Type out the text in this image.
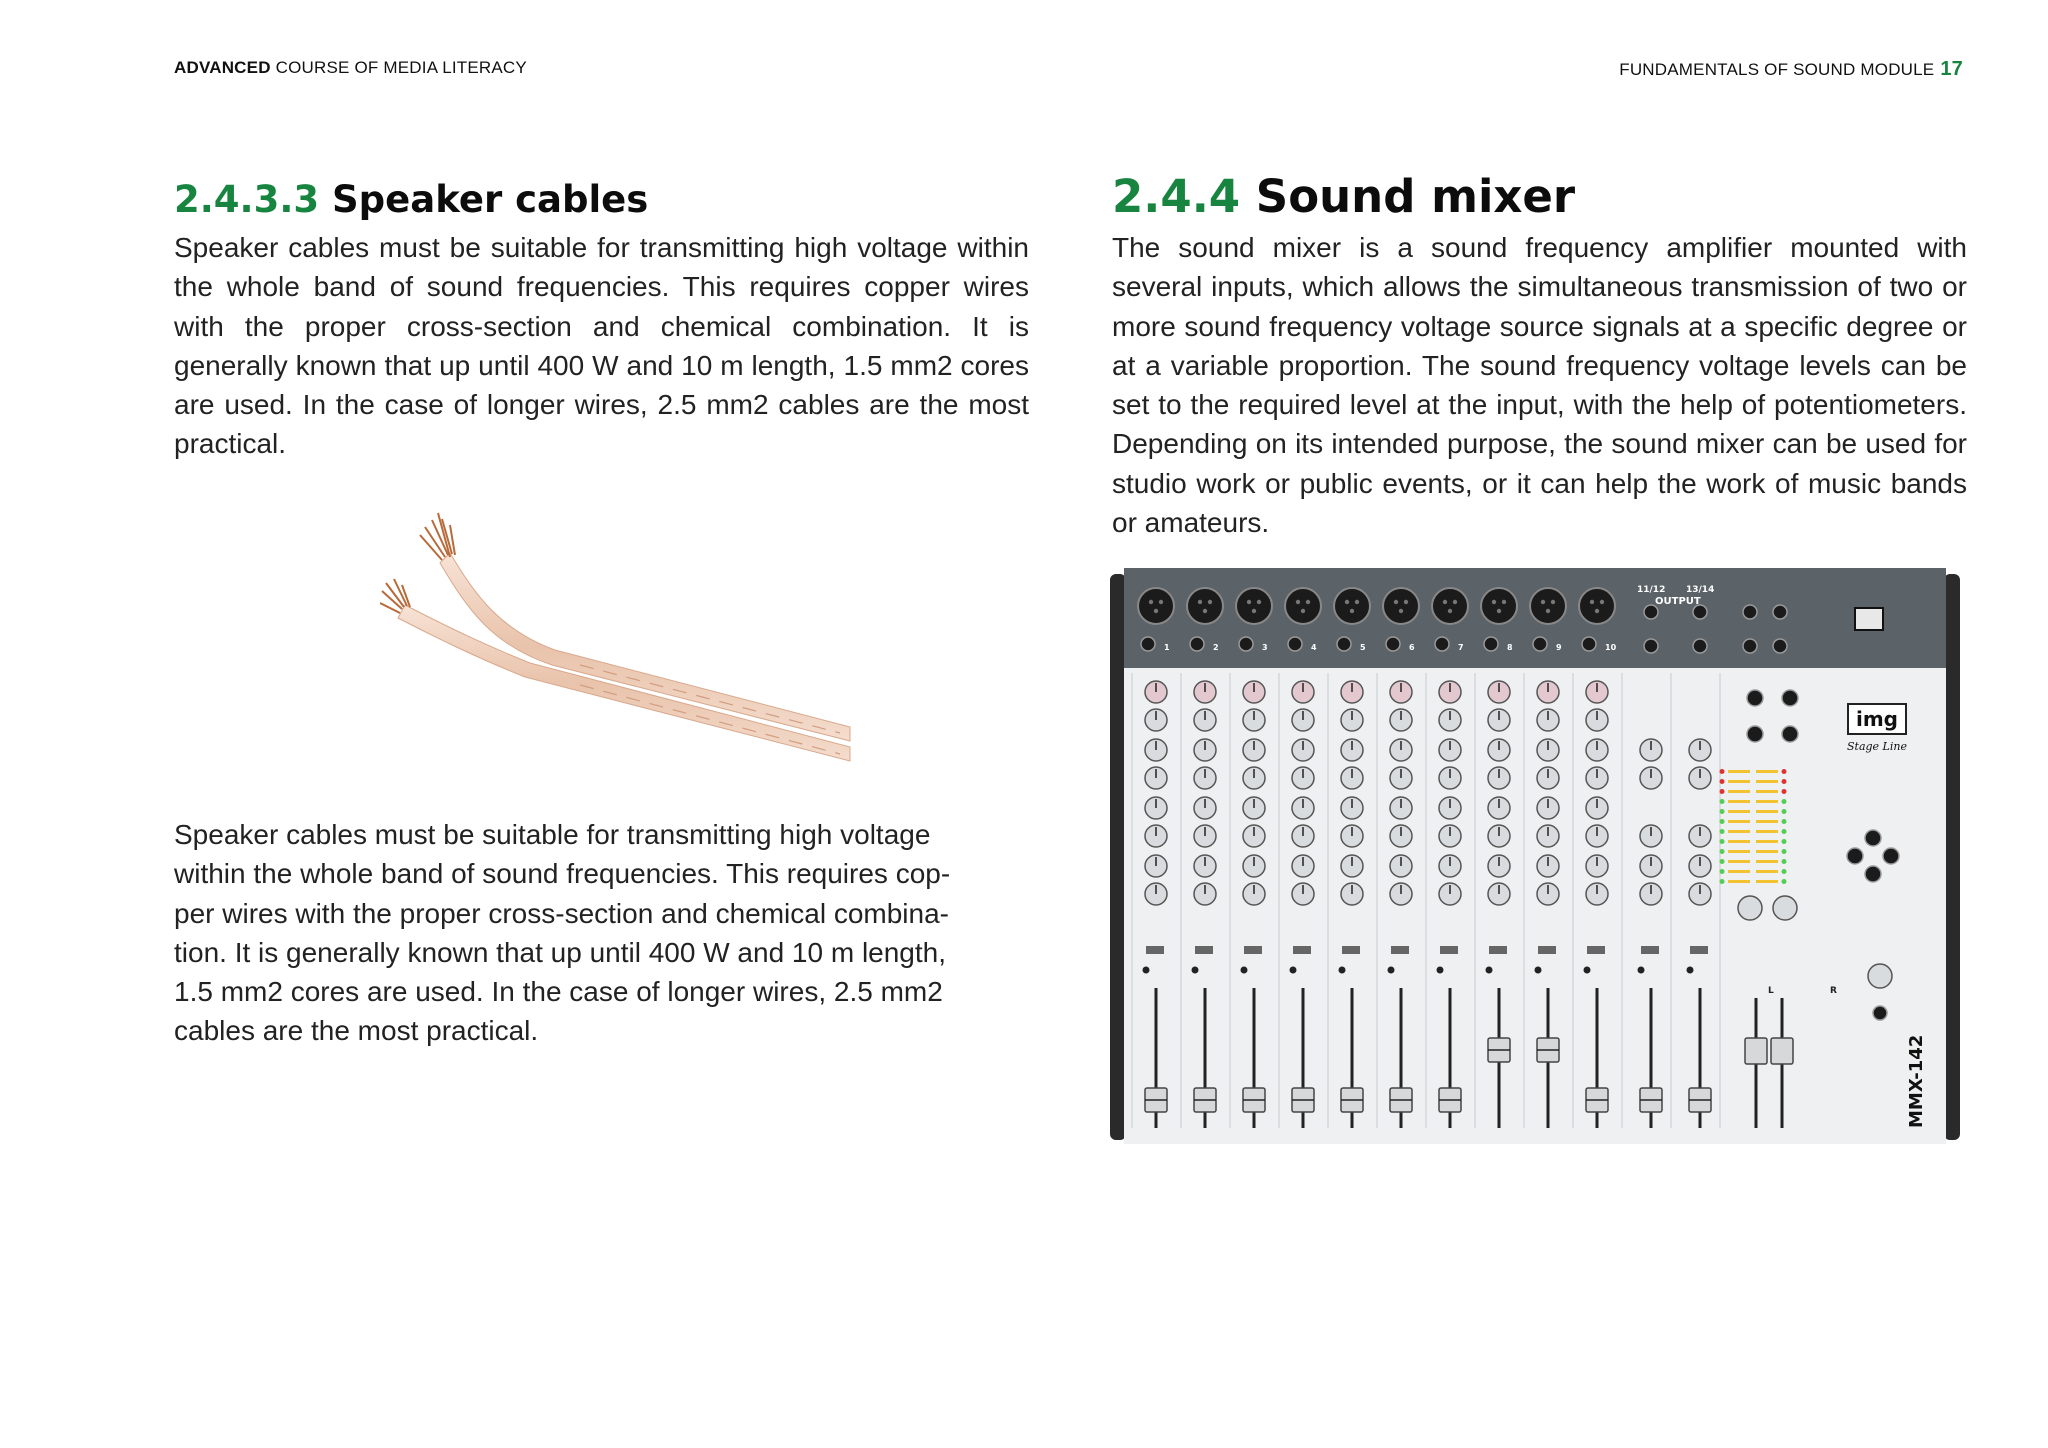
ADVANCED COURSE OF MEDIA LITERACY	FUNDAMENTALS OF SOUND MODULE 17
2.4.3.3 Speaker cables

Speaker cables must be suitable for transmitting high voltage within the whole band of sound frequencies. This requires copper wires with the proper cross-section and chemical combination. It is generally known that up until 400 W and 10 m length, 1.5 mm2 cores are used. In the case of longer wires, 2.5 mm2 cables are the most practical.

Speaker cables must be suitable for transmitting high voltage
within the whole band of sound frequencies. This requires cop-
per wires with the proper cross-section and chemical combina-
tion. It is generally known that up until 400 W and 10 m length,
1.5 mm2 cores are used. In the case of longer wires, 2.5 mm2
cables are the most practical.

2.4.4 Sound mixer

The sound mixer is a sound frequency amplifier mounted with several inputs, which allows the simultaneous transmission of two or more sound frequency voltage source signals at a specific degree or at a variable proportion. The sound frequency voltage levels can be set to the required level at the input, with the help of potentiometers. Depending on its intended purpose, the sound mixer can be used for studio work or public events, or it can help the work of music bands or amateurs.

1	2	3	4	5	6	7	8	9	10
11/12 13/14
OUTPUT
img
Stage Line
MMX-142
L	R
